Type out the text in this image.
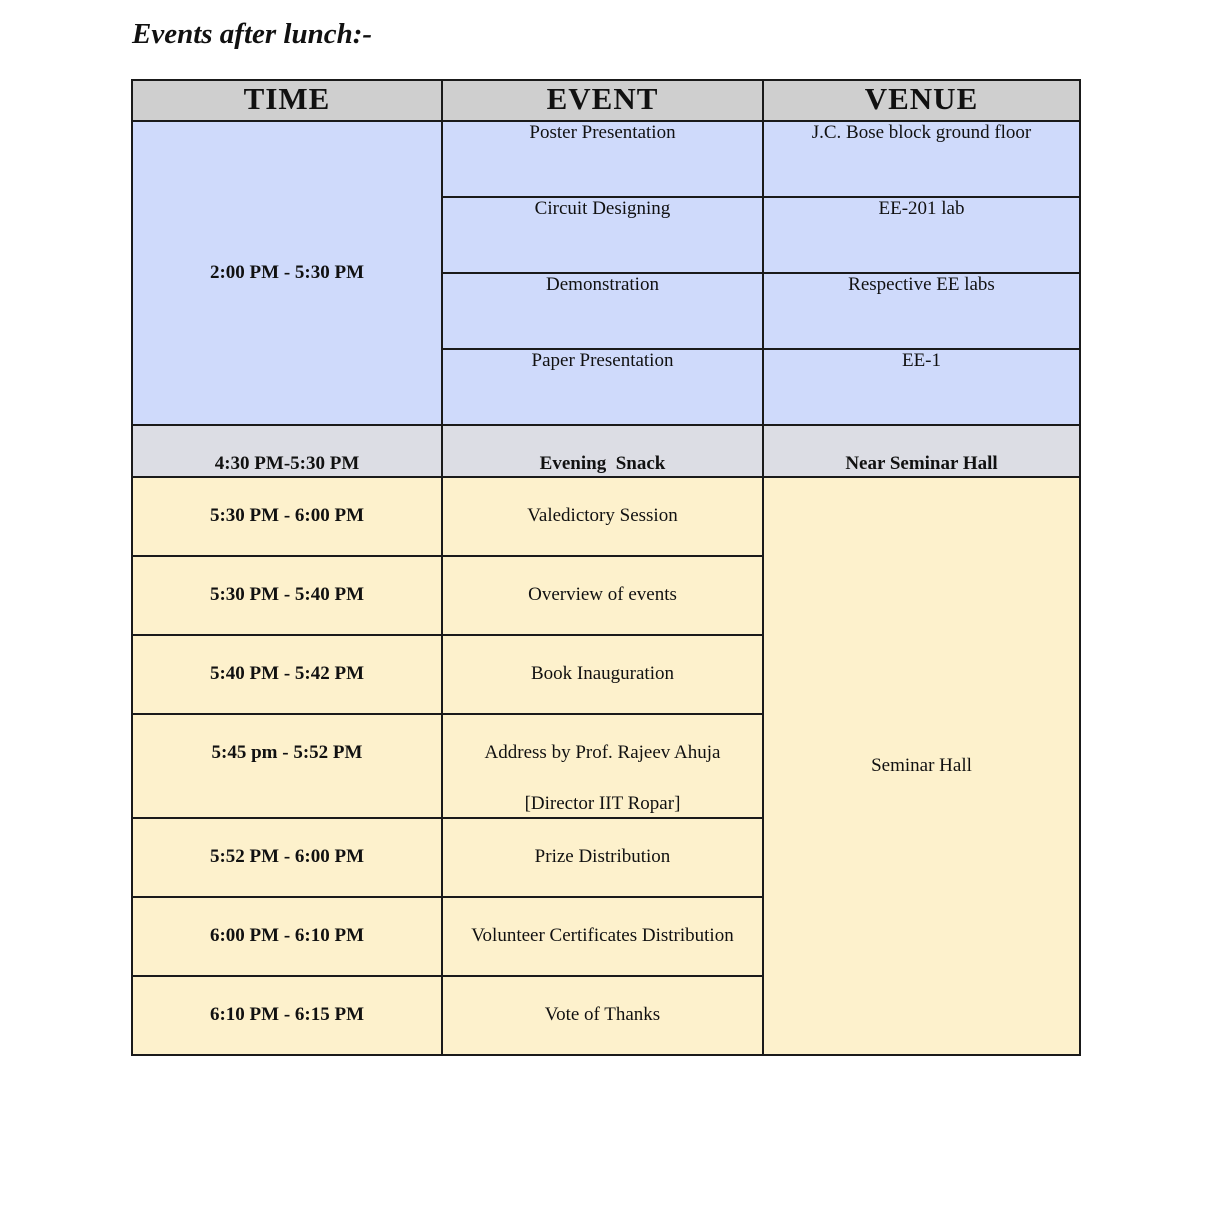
Events after lunch:-
TIME	EVENT	VENUE
2:00 PM - 5:30 PM	Poster Presentation	J.C. Bose block ground floor
	Circuit Designing	EE-201 lab
	Demonstration	Respective EE labs
	Paper Presentation	EE-1
4:30 PM-5:30 PM	Evening  Snack	Near Seminar Hall
5:30 PM - 6:00 PM	Valedictory Session	Seminar Hall
5:30 PM - 5:40 PM	Overview of events	
5:40 PM - 5:42 PM	Book Inauguration	
5:45 pm - 5:52 PM	Address by Prof. Rajeev Ahuja
[Director IIT Ropar]	

5:52 PM - 6:00 PM	Prize Distribution	
6:00 PM - 6:10 PM	Volunteer Certificates Distribution	
6:10 PM - 6:15 PM	Vote of Thanks	
